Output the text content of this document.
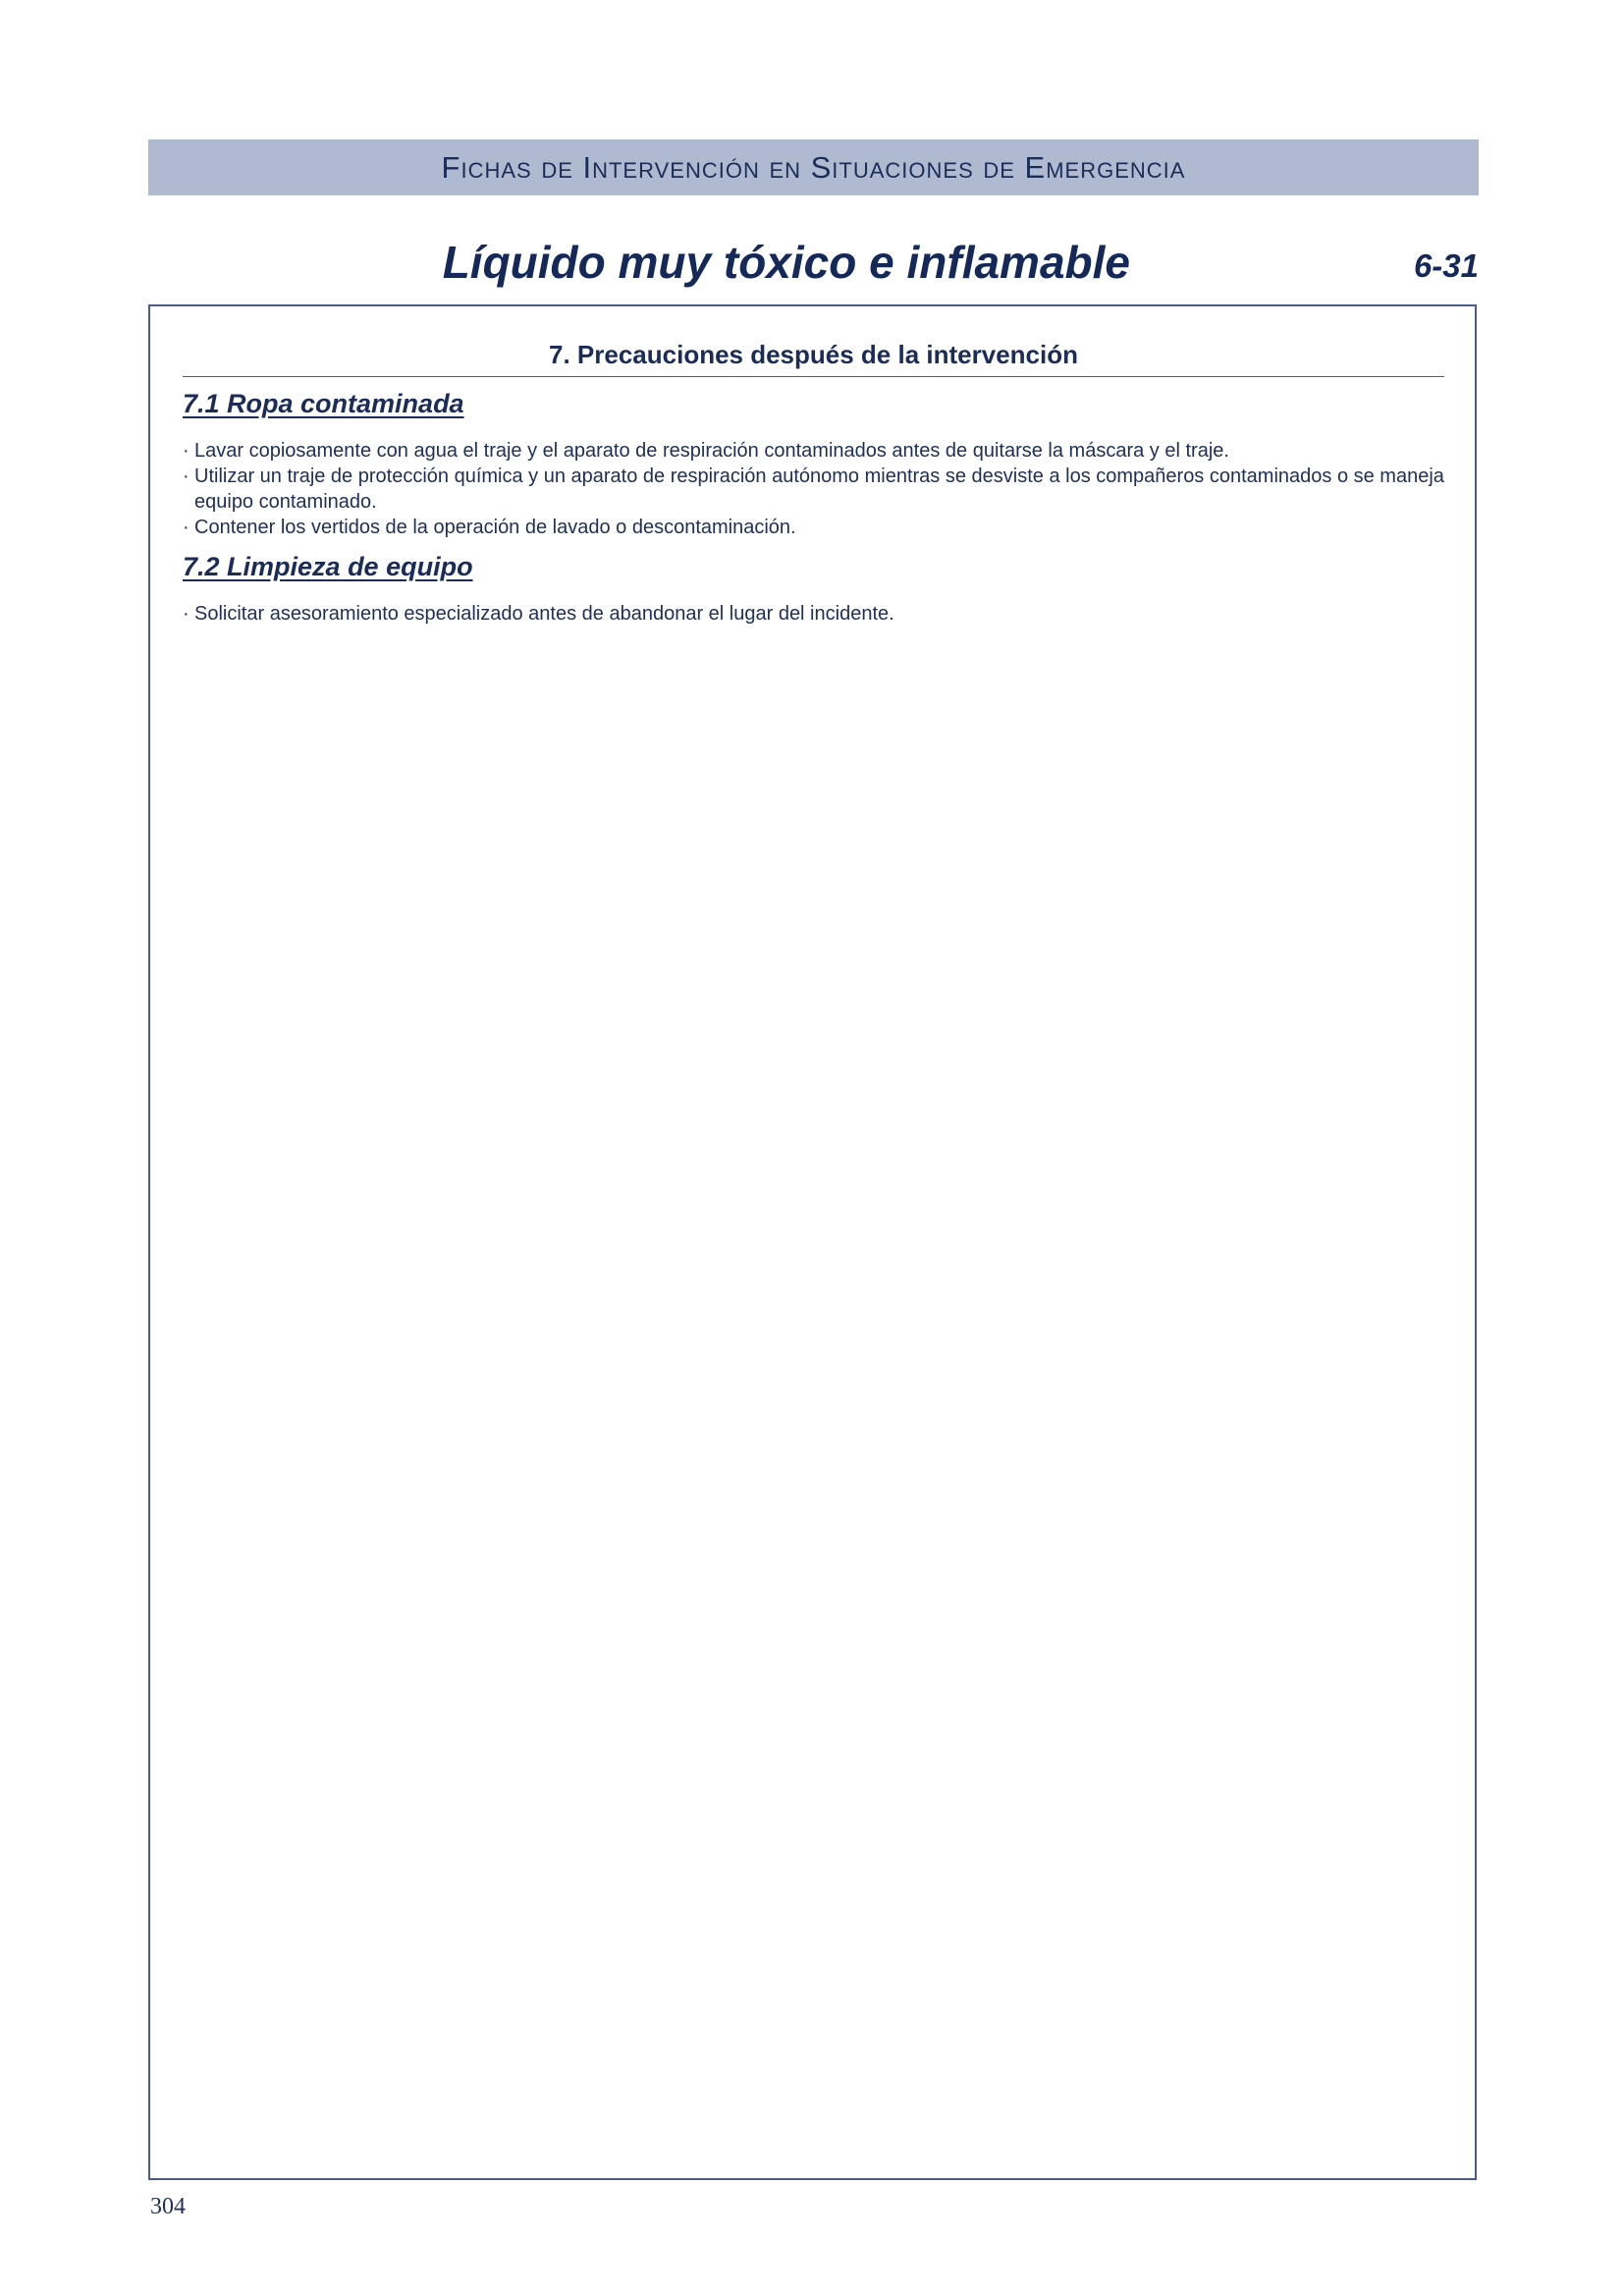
Fichas de Intervención en Situaciones de Emergencia
Líquido muy tóxico e inflamable	6-31
7. Precauciones después de la intervención
7.1 Ropa contaminada
· Lavar copiosamente con agua el traje y el aparato de respiración contaminados antes de quitarse la máscara y el traje.
· Utilizar un traje de protección química y un aparato de respiración autónomo mientras se desviste a los compañeros contaminados o se maneja equipo contaminado.
· Contener los vertidos de la operación de lavado o descontaminación.
7.2 Limpieza de equipo
· Solicitar asesoramiento especializado antes de abandonar el lugar del incidente.
304
